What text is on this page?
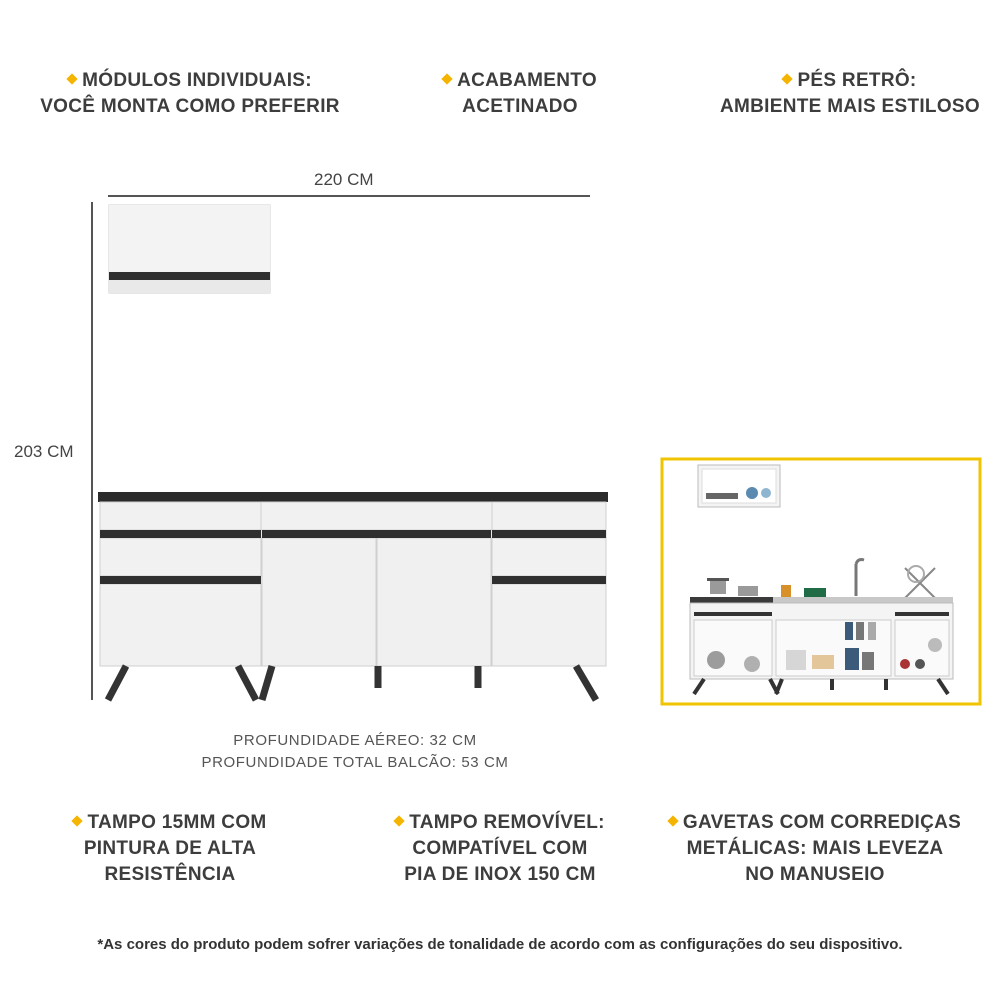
MÓDULOS INDIVIDUAIS:
VOCÊ MONTA COMO PREFERIR
ACABAMENTO
ACETINADO
PÉS RETRÔ:
AMBIENTE MAIS ESTILOSO
220 CM
203 CM
PROFUNDIDADE AÉREO: 32 CM
PROFUNDIDADE TOTAL BALCÃO: 53 CM
TAMPO 15MM COM
PINTURA DE ALTA
RESISTÊNCIA
TAMPO REMOVÍVEL:
COMPATÍVEL COM
PIA DE INOX 150 CM
GAVETAS COM CORREDIÇAS
METÁLICAS: MAIS LEVEZA
NO MANUSEIO
*As cores do produto podem sofrer variações de tonalidade de acordo com as configurações do seu dispositivo.
